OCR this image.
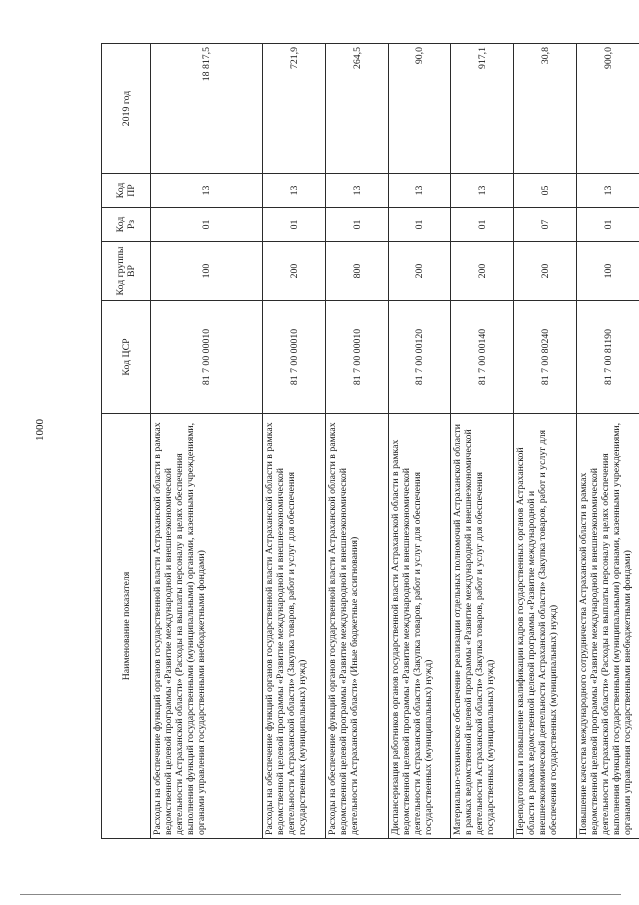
1000
Наименование показателя	Код ЦСР	Код группы ВР	Код Рз	Код ПР	2019 год
Расходы на обеспечение функций органов государственной власти Астраханской области в рамках ведомственной целевой программы «Развитие международной и внешнеэкономической деятельности Астраханской области» (Расходы на выплаты персоналу в целях обеспечения выполнения функций государственными (муниципальными) органами, казенными учреждениями, органами управления государственными внебюджетными фондами)	81 7 00 00010	100	01	13	18 817,5
Расходы на обеспечение функций органов государственной власти Астраханской области в рамках ведомственной целевой программы «Развитие международной и внешнеэкономической деятельности Астраханской области» (Закупка товаров, работ и услуг для обеспечения государственных (муниципальных) нужд)	81 7 00 00010	200	01	13	721,9
Расходы на обеспечение функций органов государственной власти Астраханской области в рамках ведомственной целевой программы «Развитие международной и внешнеэкономической деятельности Астраханской области» (Иные бюджетные ассигнования)	81 7 00 00010	800	01	13	264,5
Диспансеризация работников органов государственной власти Астраханской области в рамках ведомственной целевой программы «Развитие международной и внешнеэкономической деятельности Астраханской области» (Закупка товаров, работ и услуг для обеспечения государственных (муниципальных) нужд)	81 7 00 00120	200	01	13	90,0
Материально-техническое обеспечение реализации отдельных полномочий Астраханской области в рамках ведомственной целевой программы «Развитие международной и внешнеэкономической деятельности Астраханской области» (Закупка товаров, работ и услуг для обеспечения государственных (муниципальных) нужд)	81 7 00 00140	200	01	13	917,1
Переподготовка и повышение квалификации кадров государственных органов Астраханской области в рамках ведомственной целевой программы «Развитие международной и внешнеэкономической деятельности Астраханской области» (Закупка товаров, работ и услуг для обеспечения государственных (муниципальных) нужд)	81 7 00 80240	200	07	05	30,8
Повышение качества международного сотрудничества Астраханской области в рамках ведомственной целевой программы «Развитие международной и внешнеэкономической деятельности Астраханской области» (Расходы на выплаты персоналу в целях обеспечения выполнения функций государственными (муниципальными) органами, казенными учреждениями, органами управления государственными внебюджетными фондами)	81 7 00 81190	100	01	13	900,0
